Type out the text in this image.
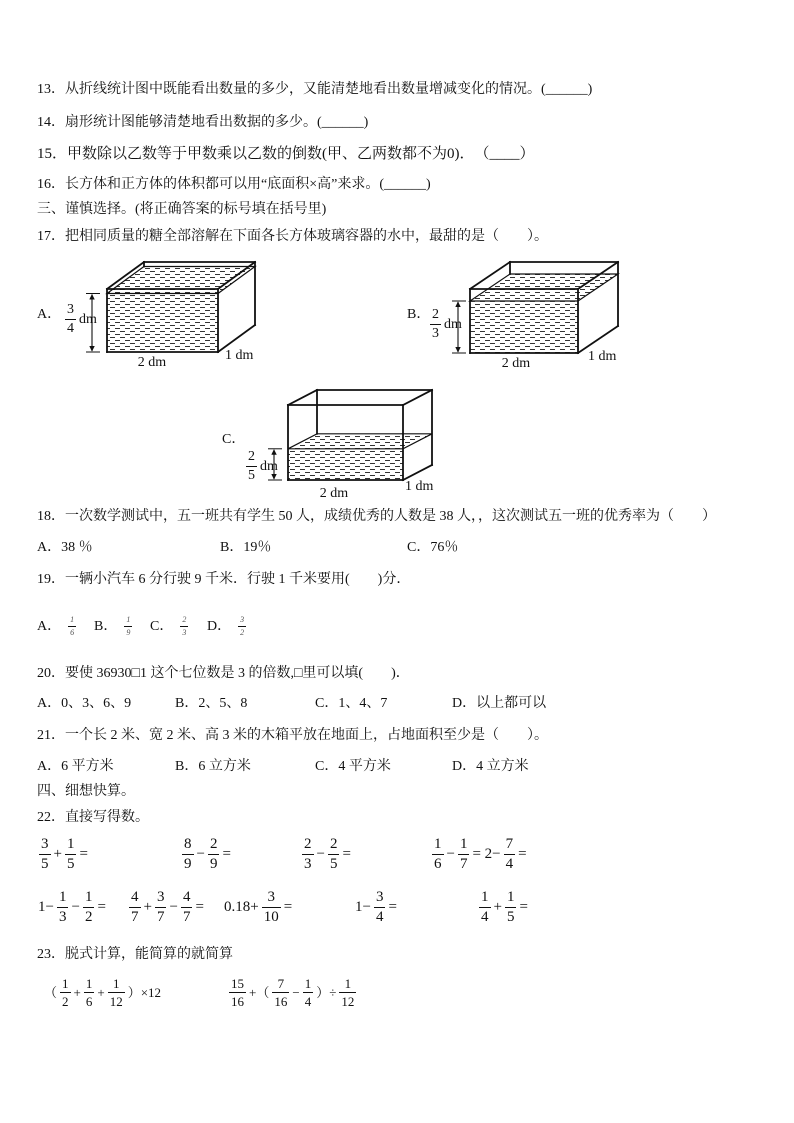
13．从折线统计图中既能看出数量的多少，又能清楚地看出数量增减变化的情况。(______)
14．扇形统计图能够清楚地看出数据的多少。(______)
15．甲数除以乙数等于甲数乘以乙数的倒数(甲、乙两数都不为0)．　（____）
16．长方体和正方体的体积都可以用“底面积×高”来求。(______)
三、谨慎选择。(将正确答案的标号填在括号里)
17．把相同质量的糖全部溶解在下面各长方体玻璃容器的水中，最甜的是（　　）。
A． $\frac{3}{4}$ dm
2 dm	1 dm
B． $\frac{2}{3}$ dm
2 dm	1 dm
C．
$\frac{2}{5}$ dm
2 dm	1 dm
18．一次数学测试中，五一班共有学生 50 人，成绩优秀的人数是 38 人，，这次测试五一班的优秀率为（　　）
A．38 ％	B．19％	C．76％
19．一辆小汽车 6 分行驶 9 千米．行驶 1 千米要用(　　)分．
A． $\frac{1}{6}$ B． $\frac{1}{9}$ C． $\frac{2}{3}$ D． $\frac{3}{2}$
20．要使 36930□1 这个七位数是 3 的倍数,□里可以填(　　)．
A．0、3、6、9	B．2、5、8	C．1、4、7	D．以上都可以
21．一个长 2 米、宽 2 米、高 3 米的木箱平放在地面上，占地面积至少是（　　）。
A．6 平方米	B．6 立方米	C．4 平方米	D．4 立方米
四、细想快算。
22．直接写得数。
$\frac{3}{5} + \frac{1}{5}$ =	$\frac{8}{9} - \frac{2}{9}$ =	$\frac{2}{3} - \frac{2}{5}$ =	$\frac{1}{6} - \frac{1}{7} = 2- \frac{7}{4}$ =
$1- \frac{1}{3} - \frac{1}{2} = \frac{4}{7} + \frac{3}{7} - \frac{4}{7} = 0.18+ \frac{3}{10}$ =	$1- \frac{3}{4}$ =	$\frac{1}{4} + \frac{1}{5}$ =
23．脱式计算，能简算的就简算
（ $\frac{1}{2} + \frac{1}{6} + \frac{1}{12} )\times 12$	$\frac{15}{16}$ +（ $\frac{7}{16} - \frac{1}{4}$ ）÷ $\frac{1}{12}$
